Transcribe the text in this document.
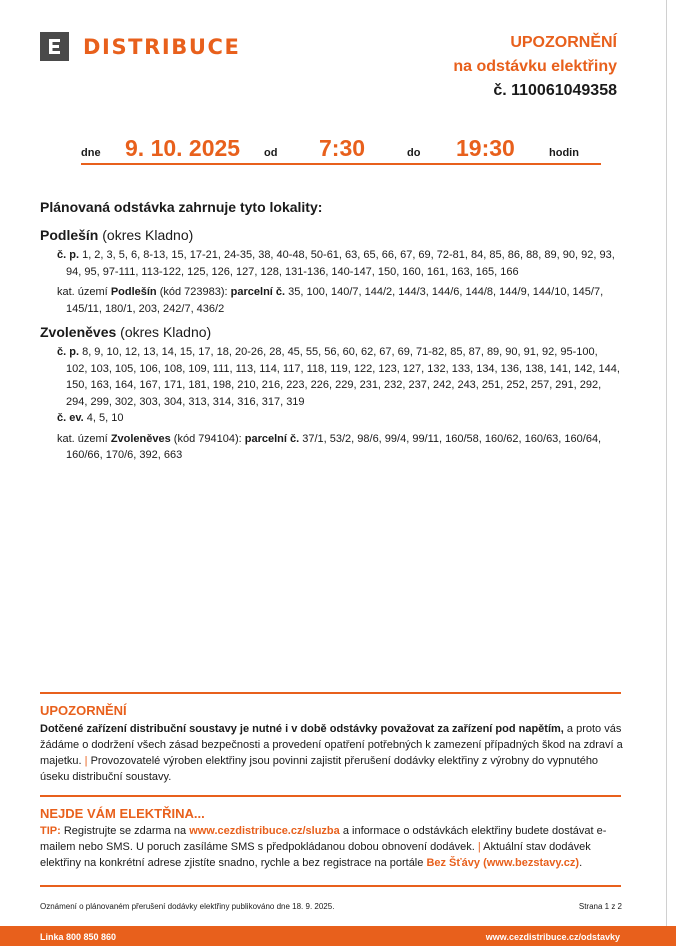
DISTRIBUCE	UPOZORNĚNÍ
na odstávku elektřiny
č. 110061049358
dne 9. 10. 2025 od 7:30	do 19:30	hodin
Plánovaná odstávka zahrnuje tyto lokality:
Podlešín (okres Kladno)
č. p. 1, 2, 3, 5, 6, 8-13, 15, 17-21, 24-35, 38, 40-48, 50-61, 63, 65, 66, 67, 69, 72-81, 84, 85, 86, 88, 89, 90, 92, 93, 94, 95, 97-111, 113-122, 125, 126, 127, 128, 131-136, 140-147, 150, 160, 161, 163, 165, 166
kat. území Podlešín (kód 723983): parcelní č. 35, 100, 140/7, 144/2, 144/3, 144/6, 144/8, 144/9, 144/10, 145/7, 145/11, 180/1, 203, 242/7, 436/2
Zvoleněves (okres Kladno)
č. p. 8, 9, 10, 12, 13, 14, 15, 17, 18, 20-26, 28, 45, 55, 56, 60, 62, 67, 69, 71-82, 85, 87, 89, 90, 91, 92, 95-100, 102, 103, 105, 106, 108, 109, 111, 113, 114, 117, 118, 119, 122, 123, 127, 132, 133, 134, 136, 138, 141, 142, 144, 150, 163, 164, 167, 171, 181, 198, 210, 216, 223, 226, 229, 231, 232, 237, 242, 243, 251, 252, 257, 291, 292, 294, 299, 302, 303, 304, 313, 314, 316, 317, 319
č. ev. 4, 5, 10
kat. území Zvoleněves (kód 794104): parcelní č. 37/1, 53/2, 98/6, 99/4, 99/11, 160/58, 160/62, 160/63, 160/64, 160/66, 170/6, 392, 663
UPOZORNĚNÍ
Dotčené zařízení distribuční soustavy je nutné i v době odstávky považovat za zařízení pod napětím, a proto vás žádáme o dodržení všech zásad bezpečnosti a provedení opatření potřebných k zamezení případných škod na zdraví a majetku. | Provozovatelé výroben elektřiny jsou povinni zajistit přerušení dodávky elektřiny z výrobny do vypnutého úseku distribuční soustavy.
NEJDE VÁM ELEKTŘINA...
TIP: Registrujte se zdarma na www.cezdistribuce.cz/sluzba a informace o odstávkách elektřiny budete dostávat e-mailem nebo SMS. U poruch zasíláme SMS s předpokládanou dobou obnovení dodávek. | Aktuální stav dodávek elektřiny na konkrétní adrese zjistíte snadno, rychle a bez registrace na portále Bez Šťávy (www.bezstavy.cz).
Oznámení o plánovaném přerušení dodávky elektřiny publikováno dne 18. 9. 2025.	Strana 1 z 2
Linka 800 850 860	www.cezdistribuce.cz/odstavky
